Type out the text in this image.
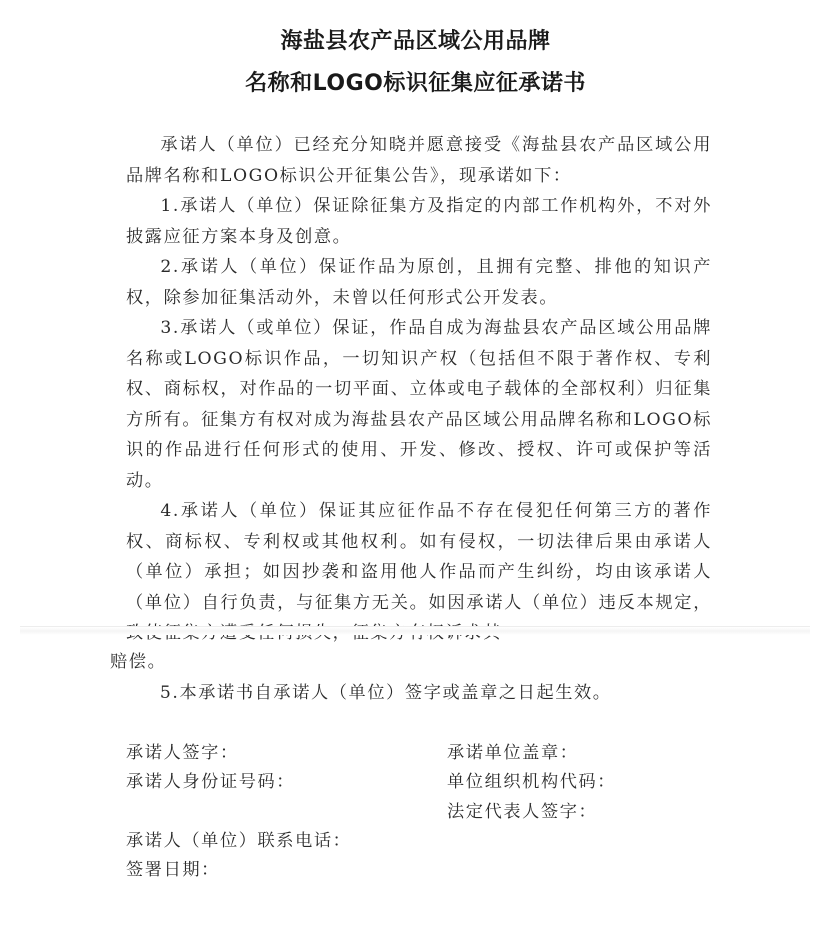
海盐县农产品区域公用品牌
名称和LOGO标识征集应征承诺书

承诺人（单位）已经充分知晓并愿意接受《海盐县农产品区域公用品牌名称和LOGO标识公开征集公告》，现承诺如下：

1.承诺人（单位）保证除征集方及指定的内部工作机构外，不对外披露应征方案本身及创意。

2.承诺人（单位）保证作品为原创，且拥有完整、排他的知识产权，除参加征集活动外，未曾以任何形式公开发表。

3.承诺人（或单位）保证，作品自成为海盐县农产品区域公用品牌名称或LOGO标识作品，一切知识产权（包括但不限于著作权、专利权、商标权，对作品的一切平面、立体或电子载体的全部权利）归征集方所有。征集方有权对成为海盐县农产品区域公用品牌名称和LOGO标识的作品进行任何形式的使用、开发、修改、授权、许可或保护等活动。

4.承诺人（单位）保证其应征作品不存在侵犯任何第三方的著作权、商标权、专利权或其他权利。如有侵权，一切法律后果由承诺人（单位）承担；如因抄袭和盗用他人作品而产生纠纷，均由该承诺人（单位）自行负责，与征集方无关。如因承诺人（单位）违反本规定，

赔偿。

5.本承诺书自承诺人（单位）签字或盖章之日起生效。

承诺人签字：
承诺人身份证号码：
承诺单位盖章：
单位组织机构代码：
法定代表人签字：
承诺人（单位）联系电话：
签署日期：
